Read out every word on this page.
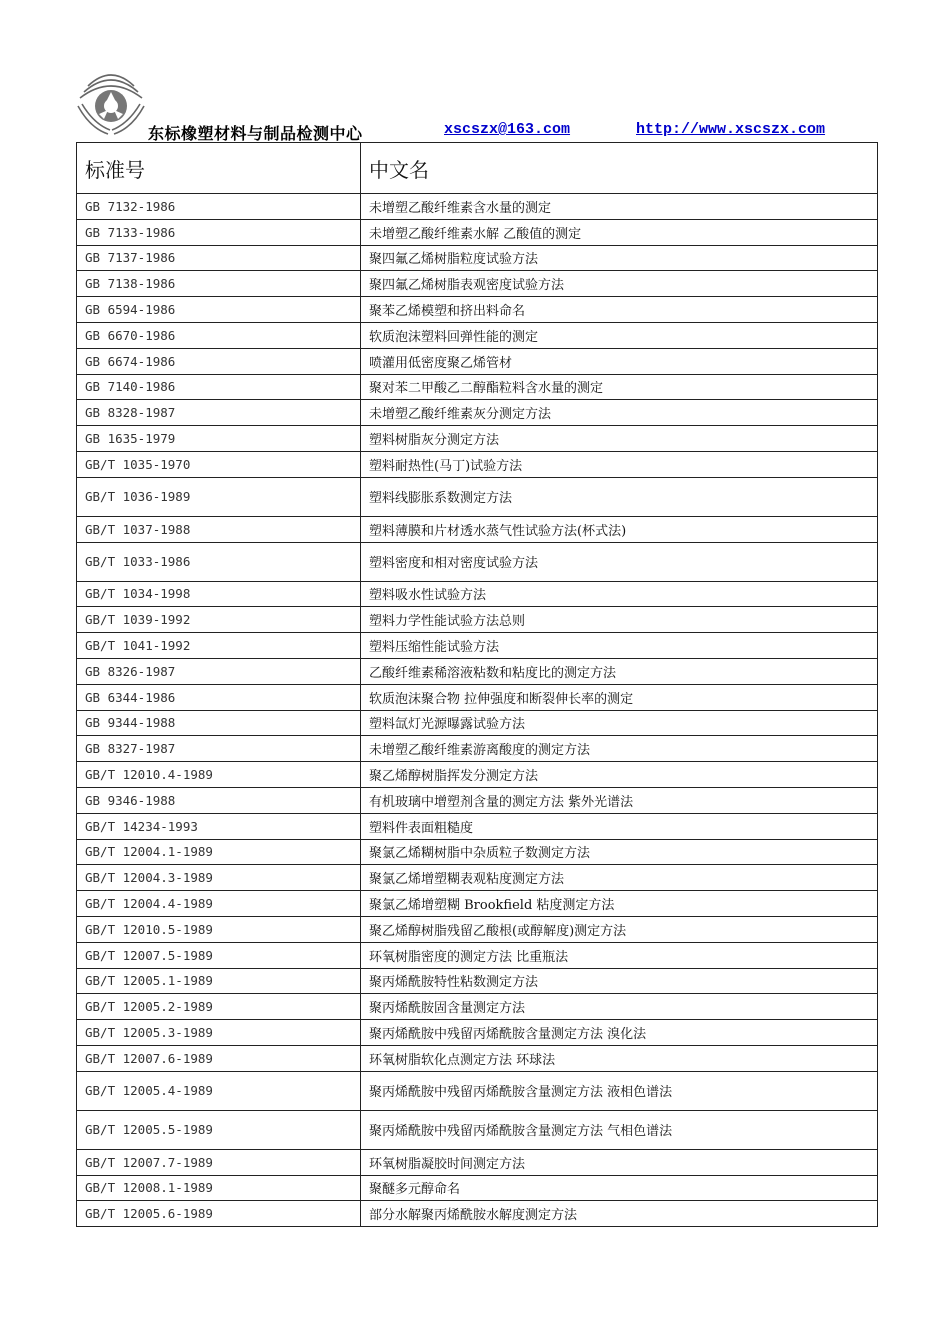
东标橡塑材料与制品检测中心	xscszx@163.com	http://www.xscszx.com
标准号	中文名
GB 7132-1986	未增塑乙酸纤维素含水量的测定
GB 7133-1986	未增塑乙酸纤维素水解 乙酸值的测定
GB 7137-1986	聚四氟乙烯树脂粒度试验方法
GB 7138-1986	聚四氟乙烯树脂表观密度试验方法
GB 6594-1986	聚苯乙烯模塑和挤出料命名
GB 6670-1986	软质泡沫塑料回弹性能的测定
GB 6674-1986	喷灌用低密度聚乙烯管材
GB 7140-1986	聚对苯二甲酸乙二醇酯粒料含水量的测定
GB 8328-1987	未增塑乙酸纤维素灰分测定方法
GB 1635-1979	塑料树脂灰分测定方法
GB/T 1035-1970	塑料耐热性(马丁)试验方法
GB/T 1036-1989	塑料线膨胀系数测定方法
GB/T 1037-1988	塑料薄膜和片材透水蒸气性试验方法(杯式法)
GB/T 1033-1986	塑料密度和相对密度试验方法
GB/T 1034-1998	塑料吸水性试验方法
GB/T 1039-1992	塑料力学性能试验方法总则
GB/T 1041-1992	塑料压缩性能试验方法
GB 8326-1987	乙酸纤维素稀溶液粘数和粘度比的测定方法
GB 6344-1986	软质泡沫聚合物 拉伸强度和断裂伸长率的测定
GB 9344-1988	塑料氙灯光源曝露试验方法
GB 8327-1987	未增塑乙酸纤维素游离酸度的测定方法
GB/T 12010.4-1989	聚乙烯醇树脂挥发分测定方法
GB 9346-1988	有机玻璃中增塑剂含量的测定方法 紫外光谱法
GB/T 14234-1993	塑料件表面粗糙度
GB/T 12004.1-1989	聚氯乙烯糊树脂中杂质粒子数测定方法
GB/T 12004.3-1989	聚氯乙烯增塑糊表观粘度测定方法
GB/T 12004.4-1989	聚氯乙烯增塑糊 Brookfield 粘度测定方法
GB/T 12010.5-1989	聚乙烯醇树脂残留乙酸根(或醇解度)测定方法
GB/T 12007.5-1989	环氧树脂密度的测定方法 比重瓶法
GB/T 12005.1-1989	聚丙烯酰胺特性粘数测定方法
GB/T 12005.2-1989	聚丙烯酰胺固含量测定方法
GB/T 12005.3-1989	聚丙烯酰胺中残留丙烯酰胺含量测定方法 溴化法
GB/T 12007.6-1989	环氧树脂软化点测定方法 环球法
GB/T 12005.4-1989	聚丙烯酰胺中残留丙烯酰胺含量测定方法 液相色谱法
GB/T 12005.5-1989	聚丙烯酰胺中残留丙烯酰胺含量测定方法 气相色谱法
GB/T 12007.7-1989	环氧树脂凝胶时间测定方法
GB/T 12008.1-1989	聚醚多元醇命名
GB/T 12005.6-1989	部分水解聚丙烯酰胺水解度测定方法
